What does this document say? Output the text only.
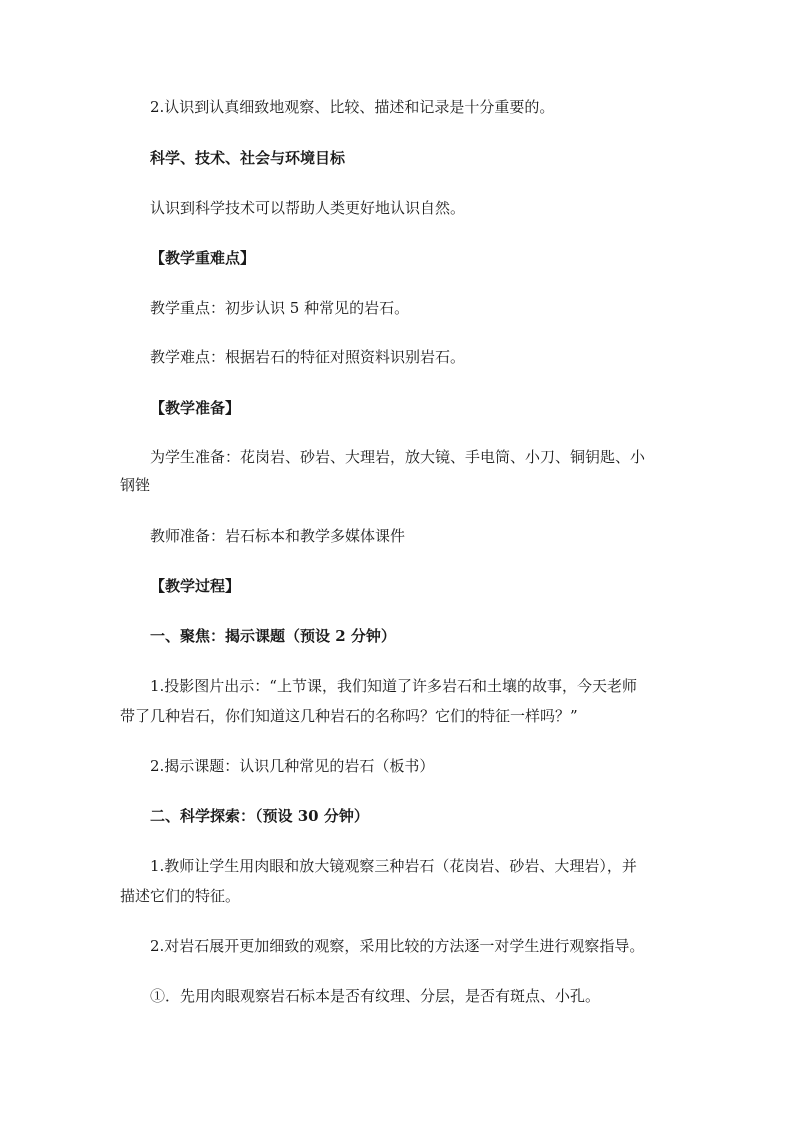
2.认识到认真细致地观察、比较、描述和记录是十分重要的。

科学、技术、社会与环境目标

认识到科学技术可以帮助人类更好地认识自然。

【教学重难点】

教学重点：初步认识 5 种常见的岩石。

教学难点：根据岩石的特征对照资料识别岩石。

【教学准备】

为学生准备：花岗岩、砂岩、大理岩，放大镜、手电筒、小刀、铜钥匙、小

钢锉

教师准备：岩石标本和教学多媒体课件

【教学过程】

一、聚焦：揭示课题（预设 2 分钟）

1.投影图片出示：“上节课，我们知道了许多岩石和土壤的故事，今天老师

带了几种岩石，你们知道这几种岩石的名称吗？它们的特征一样吗？”

2.揭示课题：认识几种常见的岩石（板书）

二、科学探索：（预设 30 分钟）

1.教师让学生用肉眼和放大镜观察三种岩石（花岗岩、砂岩、大理岩），并

描述它们的特征。

2.对岩石展开更加细致的观察，采用比较的方法逐一对学生进行观察指导。

①．先用肉眼观察岩石标本是否有纹理、分层，是否有斑点、小孔。
